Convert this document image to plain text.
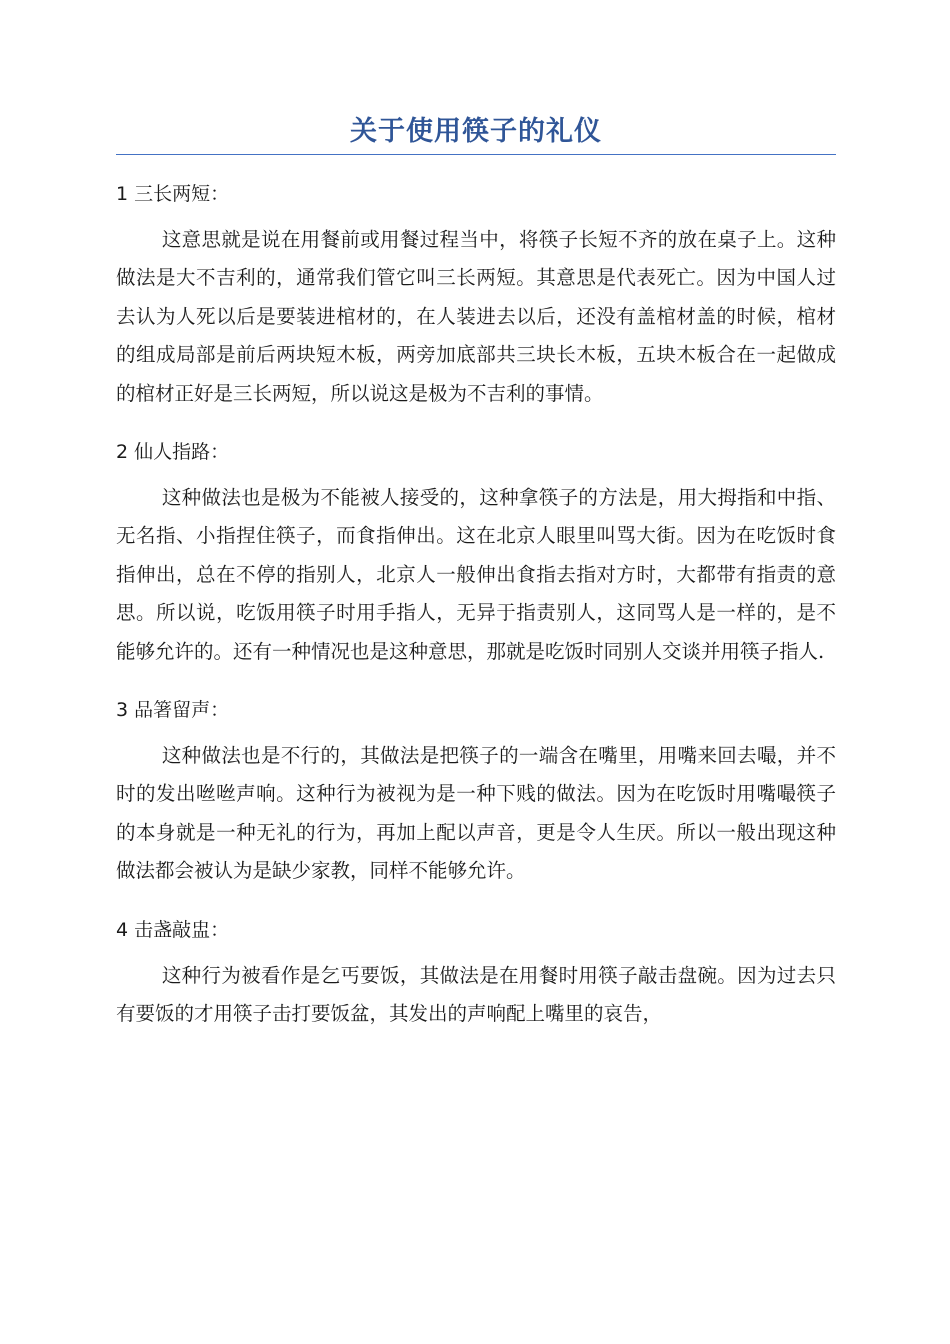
关于使用筷子的礼仪
1 三长两短：

这意思就是说在用餐前或用餐过程当中，将筷子长短不齐的放在桌子上。这种做法是大不吉利的，通常我们管它叫三长两短。其意思是代表死亡。因为中国人过去认为人死以后是要装进棺材的，在人装进去以后，还没有盖棺材盖的时候，棺材的组成局部是前后两块短木板，两旁加底部共三块长木板，五块木板合在一起做成的棺材正好是三长两短，所以说这是极为不吉利的事情。

2 仙人指路：

这种做法也是极为不能被人接受的，这种拿筷子的方法是，用大拇指和中指、无名指、小指捏住筷子，而食指伸出。这在北京人眼里叫骂大街。因为在吃饭时食指伸出，总在不停的指别人，北京人一般伸出食指去指对方时，大都带有指责的意思。所以说，吃饭用筷子时用手指人，无异于指责别人，这同骂人是一样的，是不能够允许的。还有一种情况也是这种意思，那就是吃饭时同别人交谈并用筷子指人.

3 品箸留声：

这种做法也是不行的，其做法是把筷子的一端含在嘴里，用嘴来回去嘬，并不时的发出咝咝声响。这种行为被视为是一种下贱的做法。因为在吃饭时用嘴嘬筷子的本身就是一种无礼的行为，再加上配以声音，更是令人生厌。所以一般出现这种做法都会被认为是缺少家教，同样不能够允许。

4 击盏敲盅：

这种行为被看作是乞丐要饭，其做法是在用餐时用筷子敲击盘碗。因为过去只有要饭的才用筷子击打要饭盆，其发出的声响配上嘴里的哀告，
